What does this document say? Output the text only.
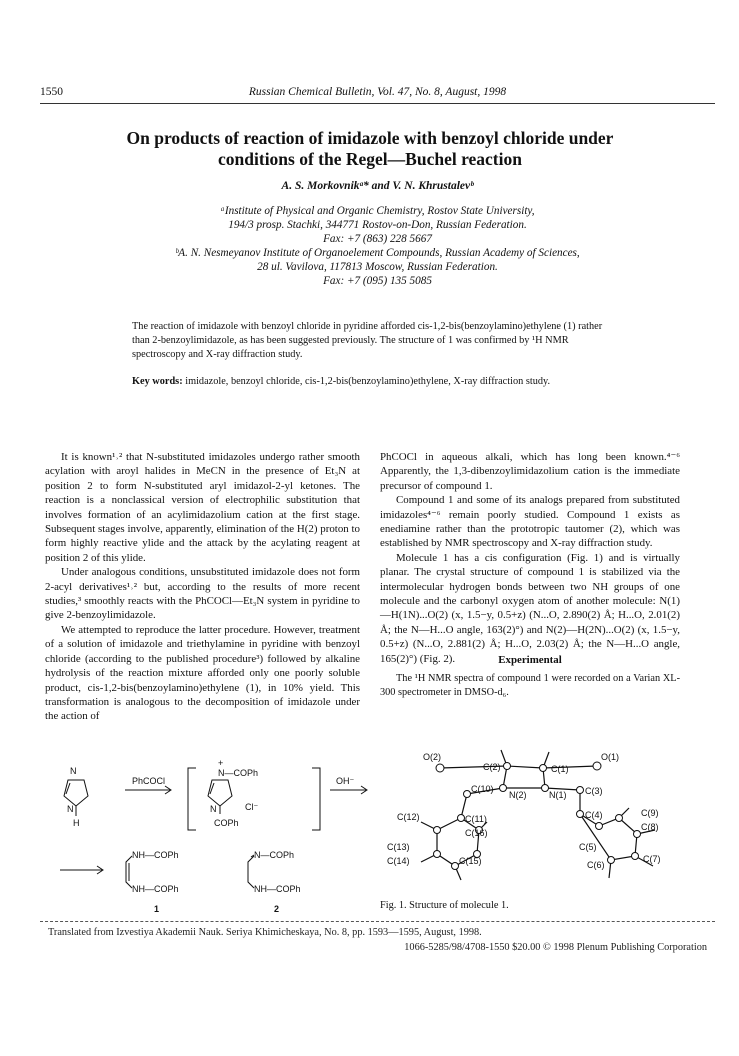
1550	Russian Chemical Bulletin, Vol. 47, No. 8, August, 1998
On products of reaction of imidazole with benzoyl chloride under
conditions of the Regel—Buchel reaction
A. S. Morkovnikᵃ* and V. N. Khrustalevᵇ
ᵃInstitute of Physical and Organic Chemistry, Rostov State University,
194/3 prosp. Stachki, 344771 Rostov-on-Don, Russian Federation.
Fax: +7 (863) 228 5667
ᵇA. N. Nesmeyanov Institute of Organoelement Compounds, Russian Academy of Sciences,
28 ul. Vavilova, 117813 Moscow, Russian Federation.
Fax: +7 (095) 135 5085
The reaction of imidazole with benzoyl chloride in pyridine afforded cis-1,2-bis(benzoylamino)ethylene (1) rather than 2-benzoylimidazole, as has been suggested previously. The structure of 1 was confirmed by ¹H NMR spectroscopy and X-ray diffraction study.
Key words: imidazole, benzoyl chloride, cis-1,2-bis(benzoylamino)ethylene, X-ray diffraction study.

It is known¹˒² that N-substituted imidazoles undergo rather smooth acylation with aroyl halides in MeCN in the presence of Et₃N at position 2 to form N-substituted aryl imidazol-2-yl ketones. The reaction is a nonclassical version of electrophilic substitution that involves formation of an acylimidazolium cation at the first stage. Subsequent stages involve, apparently, elimination of the H(2) proton to form highly reactive ylide and the attack by the acylating reagent at position 2 of this ylide.

Under analogous conditions, unsubstituted imidazole does not form 2-acyl derivatives¹˒² but, according to the results of more recent studies,³ smoothly reacts with the PhCOCl—Et₃N system in pyridine to give 2-benzoylimidazole.

We attempted to reproduce the latter procedure. However, treatment of a solution of imidazole and triethylamine in pyridine with benzoyl chloride (according to the published procedure³) followed by alkaline hydrolysis of the reaction mixture afforded only one poorly soluble product, cis-1,2-bis(benzoylamino)ethylene (1), in 10% yield. This transformation is analogous to the decomposition of imidazole under the action of

PhCOCl in aqueous alkali, which has long been known.⁴⁻⁶ Apparently, the 1,3-dibenzoylimidazolium cation is the immediate precursor of compound 1.

Compound 1 and some of its analogs prepared from substituted imidazoles⁴⁻⁶ remain poorly studied. Compound 1 exists as enediamine rather than the prototropic tautomer (2), which was established by NMR spectroscopy and X-ray diffraction study.

Molecule 1 has a cis configuration (Fig. 1) and is virtually planar. The crystal structure of compound 1 is stabilized via the intermolecular hydrogen bonds between two NH groups of one molecule and the carbonyl oxygen atom of another molecule: N(1)—H(1N)...O(2) (x, 1.5−y, 0.5+z) (N...O, 2.890(2) Å; H...O, 2.01(2) Å; the N—H...O angle, 163(2)°) and N(2)—H(2N)...O(2) (x, 1.5−y, 0.5+z) (N...O, 2.881(2) Å; H...O, 2.03(2) Å; the N—H...O angle, 165(2)°) (Fig. 2).	Experimental
The ¹H NMR spectra of compound 1 were recorded on a Varian XL-300 spectrometer in DMSO-d₆.
N
N
H
PhCOCl
+
N—COPh
N	Cl⁻
COPh
OH⁻
NH—COPh
NH—COPh
N—COPh
NH—COPh
1	2
O(2)
C(2)	C(1)
O(1)
C(10)
N(2)	N(1) C(3)
C(12)	C(11)	C(4)	C(9)
C(16)
C(8)
C(13)
C(14)	C(15)
C(5)
C(6)
C(7)
Fig. 1. Structure of molecule 1.
Translated from Izvestiya Akademii Nauk. Seriya Khimicheskaya, No. 8, pp. 1593—1595, August, 1998.
1066-5285/98/4708-1550 $20.00 © 1998 Plenum Publishing Corporation
